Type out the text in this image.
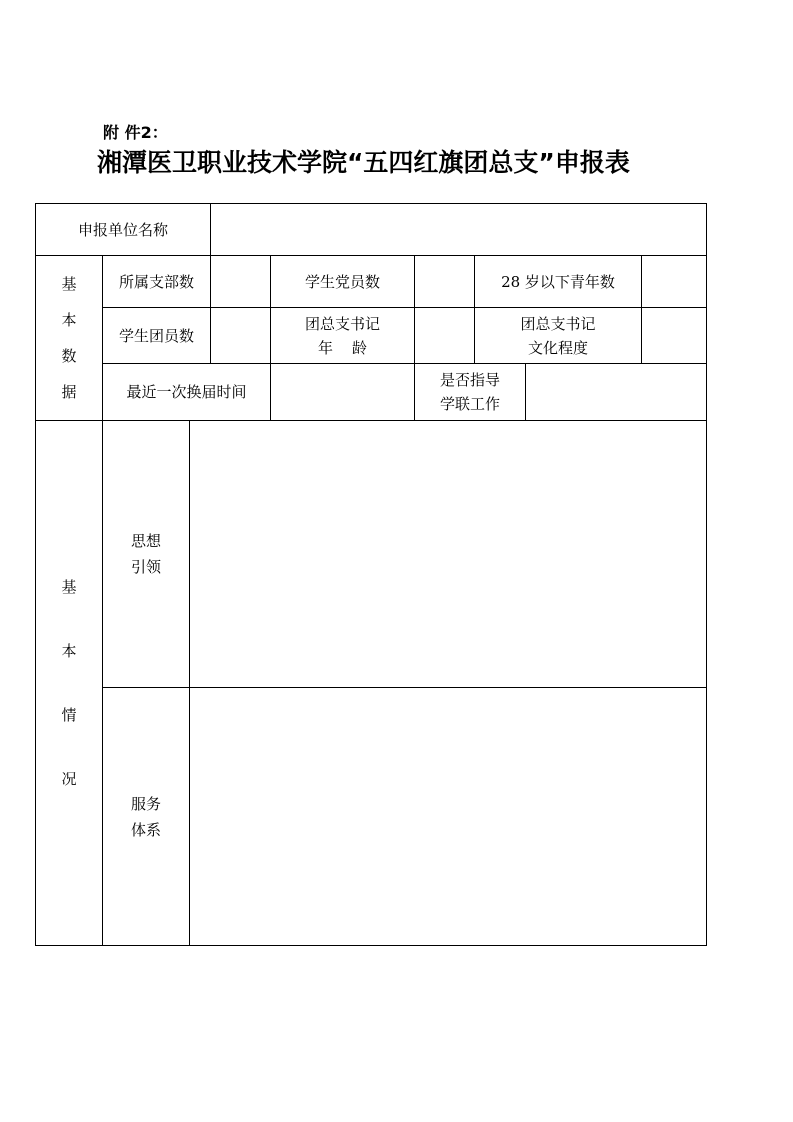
附 件2：
湘潭医卫职业技术学院“五四红旗团总支”申报表
申报单位名称
基
本
数
据
所属支部数	学生党员数	28 岁以下青年数
学生团员数
团总支书记
年    龄
团总支书记
文化程度
最近一次换届时间
是否指导
学联工作
基
本
情
况
思想
引领
服务
体系
